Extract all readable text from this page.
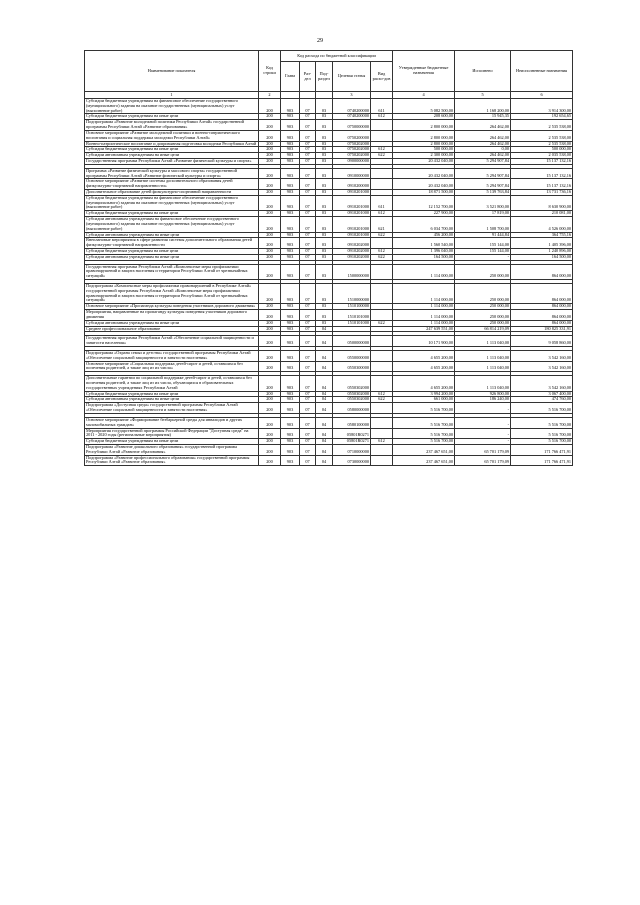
29
Наименование показателя	Код строки	Код расхода по бюджетной классификации					Утвержденные бюджетные назначения	Исполнено	Неисполненные назначения
		Глава	Раз-дел	Под-раздел	Целевая статья	Вид расхо-дов			
1	2				3		4	5	6
Субсидии бюджетным учреждениям на финансовое обеспечение государственного (муниципального) задания на оказание государственных (муниципальных) услуг (выполнение работ)	200	903	07	03	0740200000	611	5 082 500,00	1 168 200,00	3 914 300,00
Субсидии бюджетным учреждениям на иные цели	200	903	07	03	0740200000	612	208 600,00	15 945,35	192 654,65
Подпрограмма «Развитие молодежной политики Республики Алтай» государственной программы Республики Алтай «Развитие образования»	200	903	07	03	0750000000		2 800 000,00	264 462,00	2 535 538,00
Основное мероприятие «Развитие молодежной политики и военно-патриотического воспитания и социальная поддержка молодежи Республики Алтай»	200	903	07	03	0750200000		2 800 000,00	264 462,00	2 535 538,00
Военно-патриотическое воспитание и допризывная подготовка молодежи Республики Алтай	200	903	07	03	0750202000		2 800 000,00	264 462,00	2 535 538,00
Субсидии бюджетным учреждениям на иные цели	200	903	07	03	0750202000	612	500 000,00	0,00	500 000,00
Субсидии автономным учреждениям на иные цели	200	903	07	03	0750202000	622	2 300 000,00	264 462,00	2 035 538,00
Государственная программа Республики Алтай «Развитие физической культуры и спорта»	200	903	07	03	0900000000		20 432 040,00	5 294 907,84	15 137 132,16

Программа «Развитие физической культуры и массового спорта» государственной программы Республики Алтай «Развитие физической культуры и спорта»	200	903	07	03	0910000000		20 432 040,00	5 294 907,84	15 137 132,16
Основное мероприятие «Развитие системы дополнительного образования детей физкультурно-спортивной направленности»	200	903	07	03	0910200000		20 432 040,00	5 294 907,84	15 137 132,16
Дополнительное образование детей физкультурно-спортивной направленности	200	903	07	03	0910201000		18 871 500,00	5 139 763,84	13 731 736,16
Субсидии бюджетным учреждениям на финансовое обеспечение государственного (муниципального) задания на оказание государственных (муниципальных) услуг (выполнение работ)	200	903	07	03	0910201000	611	12 152 700,00	3 521 800,00	8 630 900,00
Субсидии бюджетным учреждениям на иные цели	200	903	07	03	0910201000	612	227 900,00	17 819,00	210 081,00
Субсидии автономным учреждениям на финансовое обеспечение государственного (муниципального) задания на оказание государственных (муниципальных) услуг (выполнение работ)	200	903	07	03	0910201000	621	6 034 700,00	1 508 700,00	4 526 000,00
Субсидии автономным учреждениям на иные цели	200	903	07	03	0910201000	622	456 200,00	91 444,84	364 755,16
Внеплановые мероприятия в сфере развития системы дополнительного образования детей физкультурно-спортивной направленности	200	903	07	03	0910202000		1 560 540,00	155 144,00	1 405 396,00
Субсидии бюджетным учреждениям на иные цели	200	903	07	03	0910202000	612	1 396 040,00	155 144,00	1 240 896,00
Субсидии автономным учреждениям на иные цели	200	903	07	03	0910202000	622	164 500,00	-	164 500,00

Государственная программа Республики Алтай «Комплексные меры профилактики правонарушений и защита населения и территории Республики Алтай от чрезвычайных ситуаций»	200	903	07	03	1500000000		1 114 000,00	250 000,00	864 000,00

Подпрограмма «Комплексные меры профилактики правонарушений в Республике Алтай» государственной программы Республики Алтай «Комплексные меры профилактики правонарушений и защита населения и территории Республики Алтай от чрезвычайных ситуаций»	200	903	07	03	1510000000		1 114 000,00	250 000,00	864 000,00
Основное мероприятие «Пропаганда культуры поведения участников дорожного движения»	200	903	07	03	1510100000		1 114 000,00	250 000,00	864 000,00
Мероприятия, направленные на пропаганду культуры поведения участников дорожного движения	200	903	07	03	1510101000		1 114 000,00	250 000,00	864 000,00
Субсидии автономным учреждениям на иные цели	200	903	07	03	1510101000	622	1 114 000,00	250 000,00	864 000,00
Среднее профессиональное образование	200	903	07	04			247 639 551,00	66 814 219,09	180 825 331,91

Государственная программа Республики Алтай «Обеспечение социальной защищенности и занятости населения»	200	903	07	04	0500000000		10 171 900,00	1 113 040,00	9 058 860,00

Подпрограмма «Охрана семьи и детства» государственной программы Республики Алтай «Обеспечение социальной защищенности и занятости населения»	200	903	07	04	0550000000		4 655 200,00	1 113 040,00	3 542 160,00
Основное мероприятие «Социальная поддержка детей-сирот и детей, оставшихся без попечения родителей, а также лиц из их числа»	200	903	07	04	0550300000		4 655 200,00	1 113 040,00	3 542 160,00

Дополнительные гарантии по социальной поддержке детей-сирот и детей, оставшихся без попечения родителей, а также лиц из их числа, обучающихся в образовательных государственных учреждениях Республики Алтай	200	903	07	04	0550302000		4 655 200,00	1 113 040,00	3 542 160,00
Субсидии бюджетным учреждениям на иные цели	200	903	07	04	0550302000	612	3 994 200,00	926 800,00	3 067 400,00
Субсидии автономным учреждениям на иные цели	200	903	07	04	0550302000	622	661 000,00	186 240,00	474 760,00
Подпрограмма «Доступная среда» государственной программы Республики Алтай «Обеспечение социальной защищенности и занятости населения»	200	903	07	04	0580000000		5 516 700,00	-	5 516 700,00

Основное мероприятие «Формирование безбарьерной среды для инвалидов и других маломобильных граждан»	200	903	07	04	0580100000		5 516 700,00	-	5 516 700,00
Мероприятия государственной программы Российской Федерации "Доступная среда" на 2011 - 2020 годы (региональные мероприятия)	200	903	07	04	05801R0271		5 516 700,00	-	5 516 700,00
Субсидии бюджетным учреждениям на иные цели	200	903	07	04	05801R0271	612	5 516 700,00	-	5 516 700,00
Подпрограмма «Развитие дошкольного образования» государственной программы Республики Алтай «Развитие образования»	200	903	07	04	0710000000		237 467 651,00	65 701 179,09	171 766 471,91
Подпрограмма «Развитие профессионального образования» государственной программы Республики Алтай «Развитие образования»	200	903	07	04	0730000000		237 467 651,00	65 701 179,09	171 766 471,91
